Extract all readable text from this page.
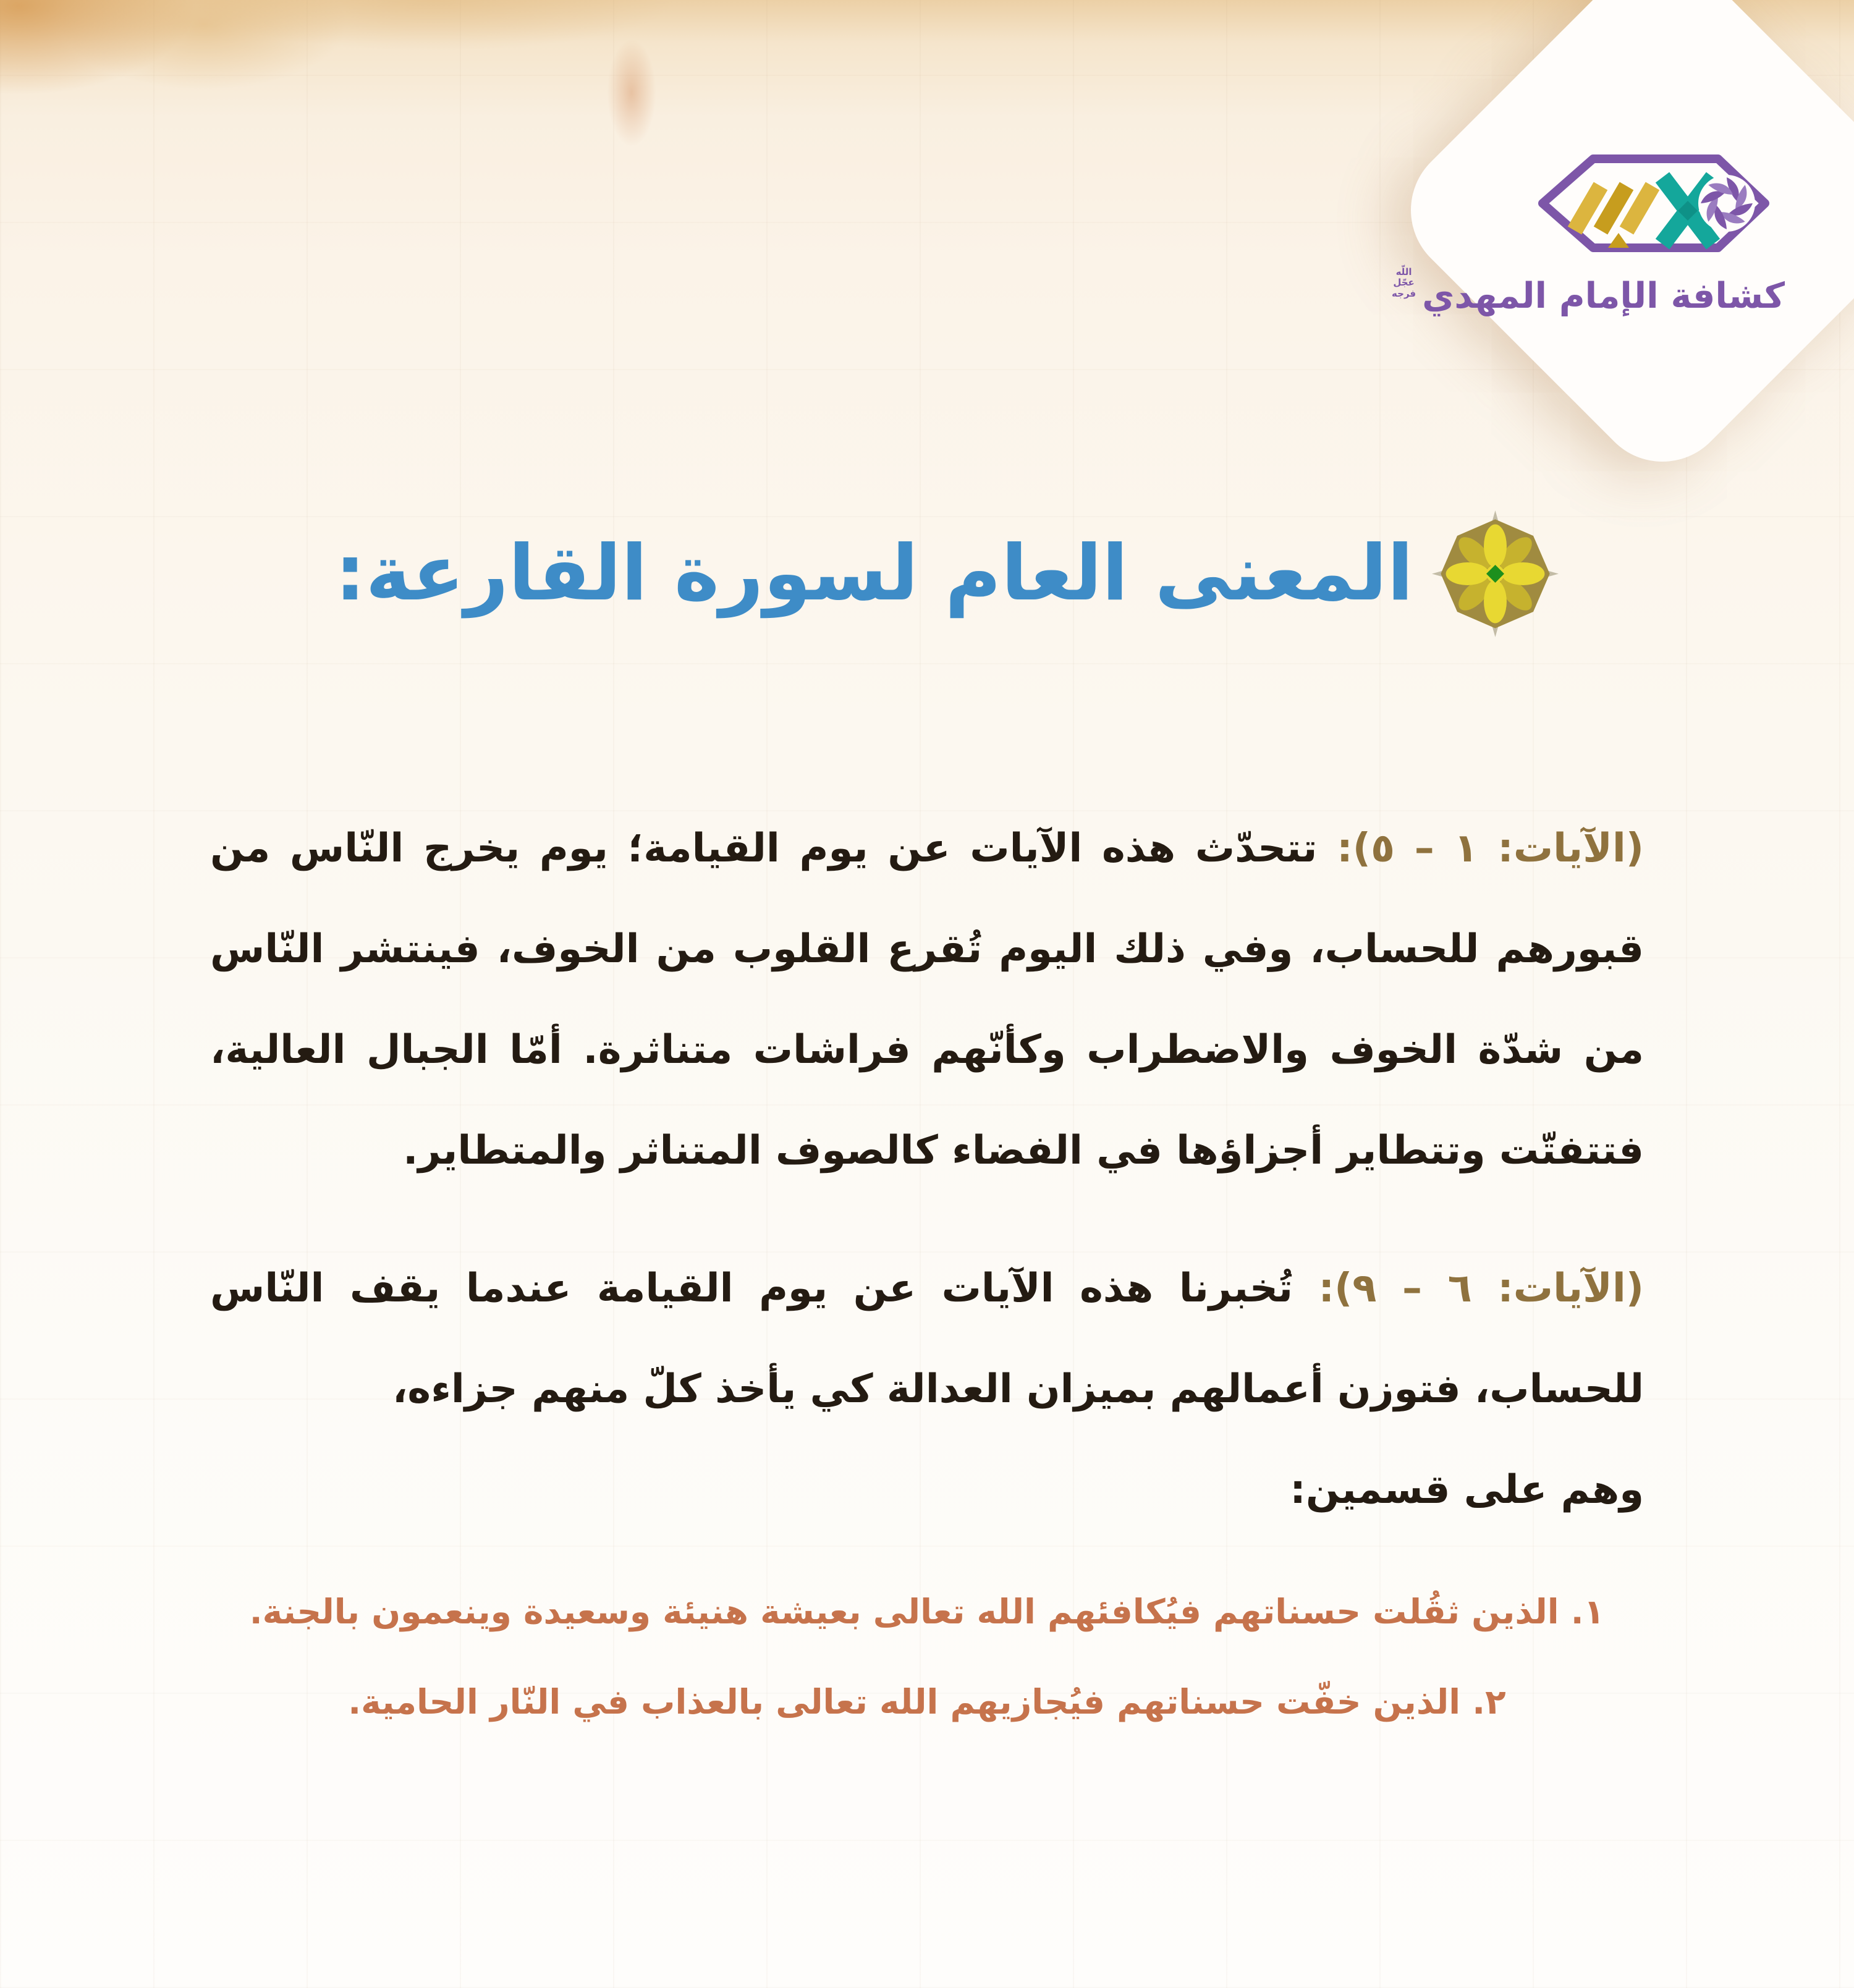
كشافة الإمام المهدي
اللّه
عجّل
فرجه
المعنى العام لسورة القارعة:

(الآيات: ١ – ٥): تتحدّث هذه الآيات عن يوم القيامة؛ يوم يخرج النّاس من قبورهم للحساب، وفي ذلك اليوم تُقرع القلوب من الخوف، فينتشر النّاس من شدّة الخوف والاضطراب وكأنّهم فراشات متناثرة. أمّا الجبال العالية، فتتفتّت وتتطاير أجزاؤها في الفضاء كالصوف المتناثر والمتطاير.

(الآيات: ٦ – ٩): تُخبرنا هذه الآيات عن يوم القيامة عندما يقف النّاس للحساب، فتوزن أعمالهم بميزان العدالة كي يأخذ كلّ منهم جزاءه،
وهم على قسمين:

١. الذين ثقُلت حسناتهم فيُكافئهم الله تعالى بعيشة هنيئة وسعيدة وينعمون بالجنة.
٢. الذين خفّت حسناتهم فيُجازيهم الله تعالى بالعذاب في النّار الحامية.
